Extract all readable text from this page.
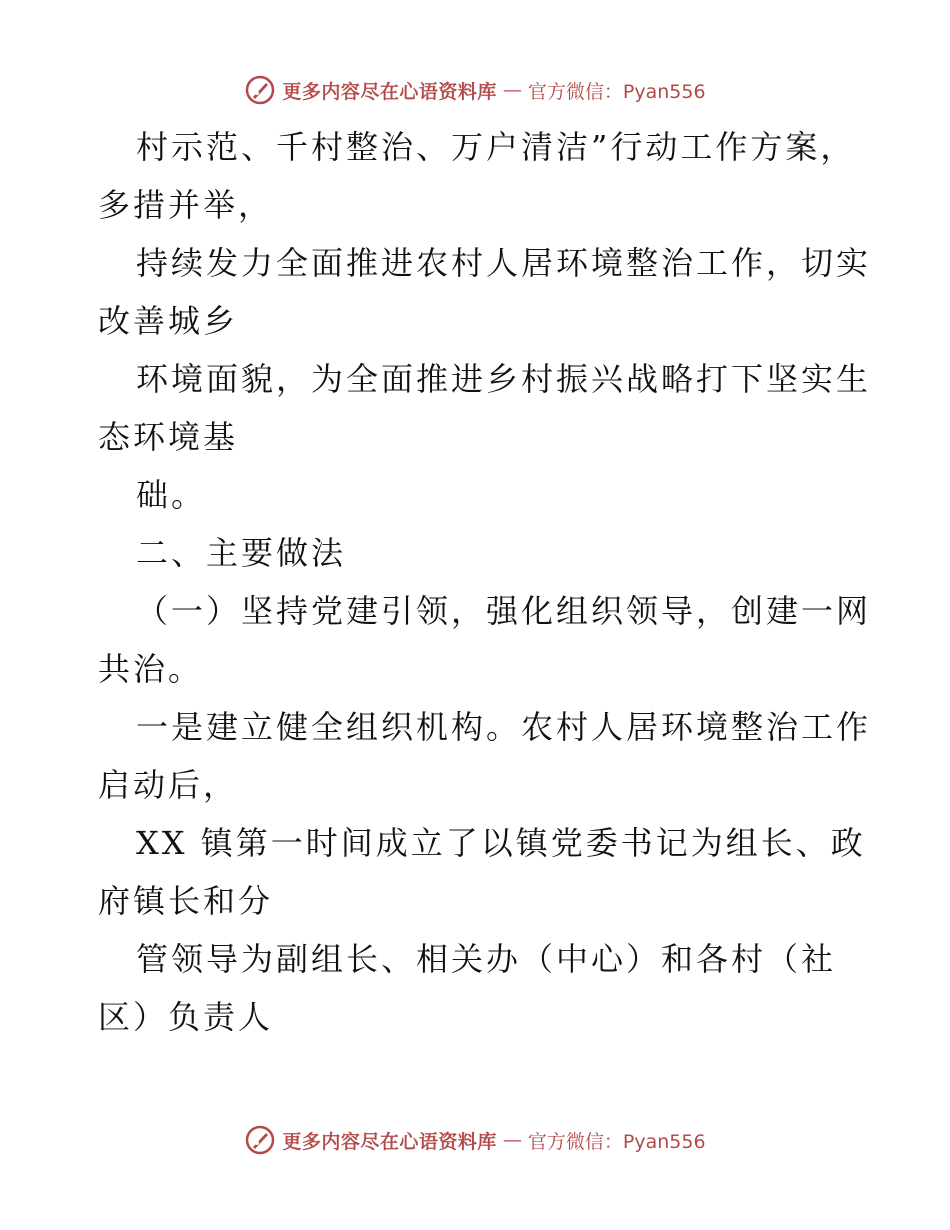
更多内容尽在心语资料库 — 官方微信：Pyan556
村示范、千村整治、万户清洁”行动工作方案，
多措并举，
持续发力全面推进农村人居环境整治工作，切实
改善城乡
环境面貌，为全面推进乡村振兴战略打下坚实生
态环境基
础。
二、主要做法
（一）坚持党建引领，强化组织领导，创建一网
共治。
一是建立健全组织机构。农村人居环境整治工作
启动后，
XX 镇第一时间成立了以镇党委书记为组长、政
府镇长和分
管领导为副组长、相关办（中心）和各村（社
区）负责人
更多内容尽在心语资料库 — 官方微信：Pyan556
